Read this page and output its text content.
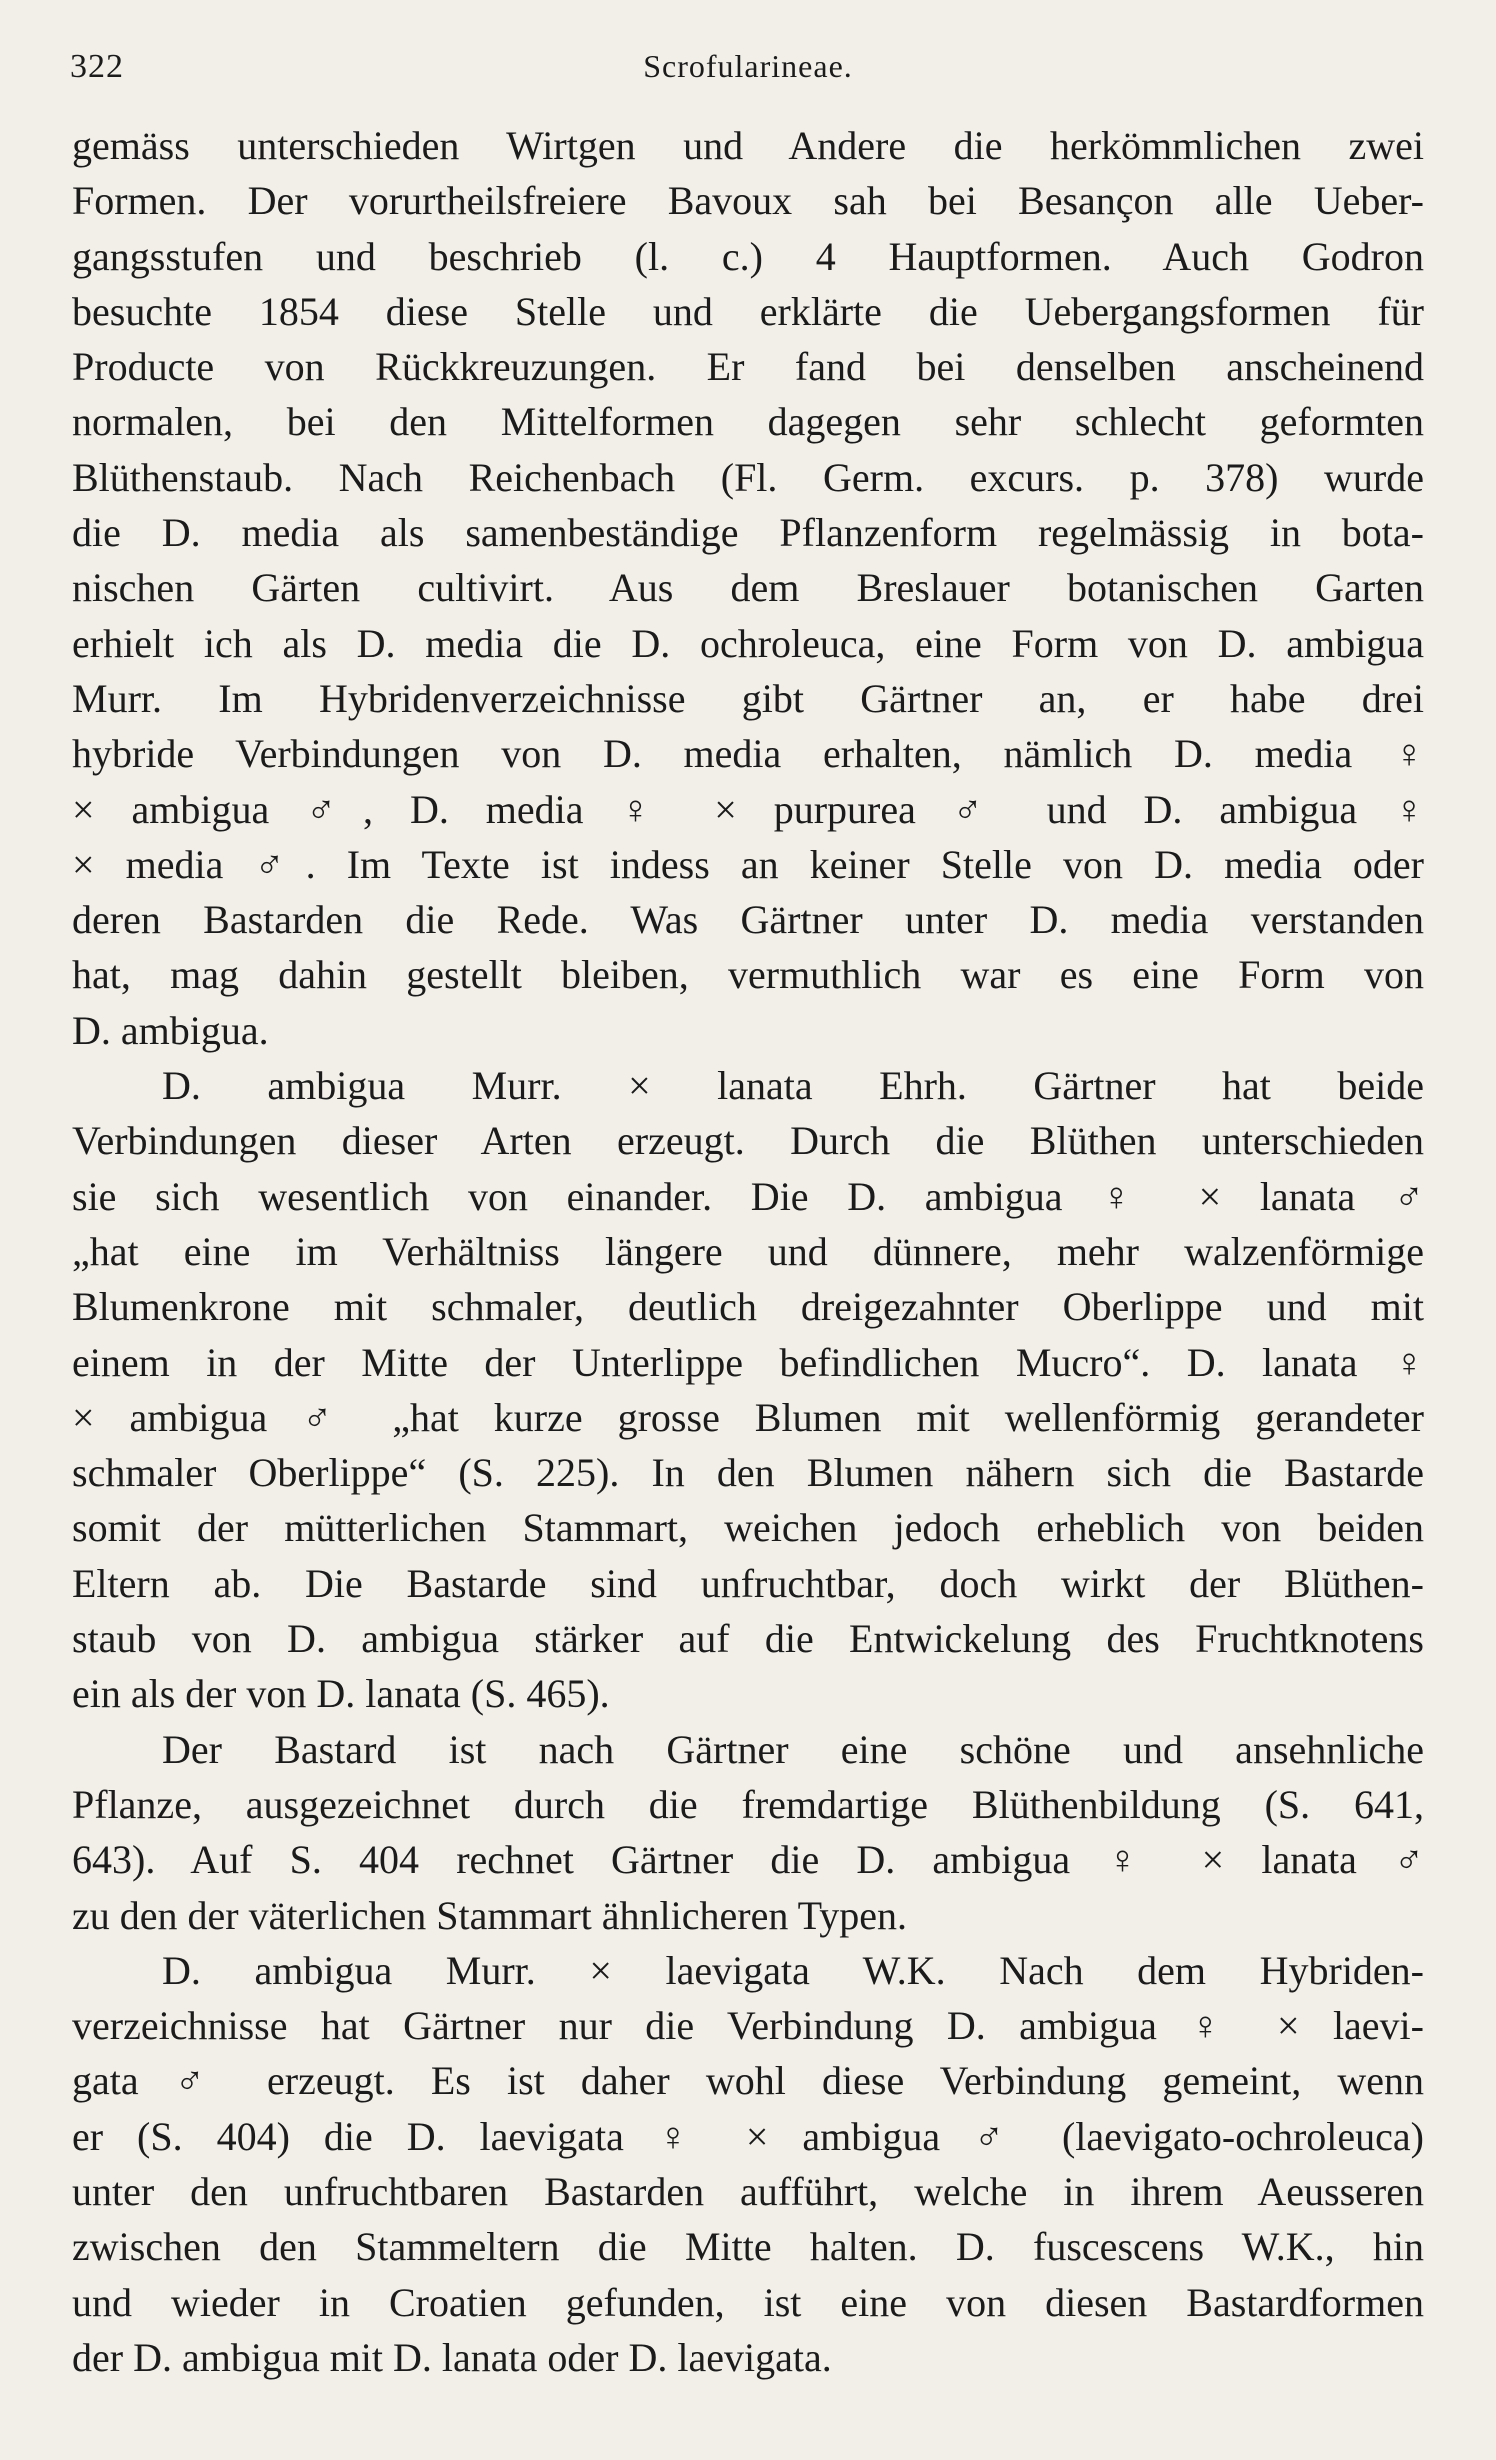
322	Scrofularineae.
gemäss unterschieden Wirtgen und Andere die herkömmlichen zwei
Formen. Der vorurtheilsfreiere Bavoux sah bei Besançon alle Ueber-
gangsstufen und beschrieb (l. c.) 4 Hauptformen. Auch Godron
besuchte 1854 diese Stelle und erklärte die Uebergangsformen für
Producte von Rückkreuzungen. Er fand bei denselben anscheinend
normalen, bei den Mittelformen dagegen sehr schlecht geformten
Blüthenstaub. Nach Reichenbach (Fl. Germ. excurs. p. 378) wurde
die D. media als samenbeständige Pflanzenform regelmässig in bota-
nischen Gärten cultivirt. Aus dem Breslauer botanischen Garten
erhielt ich als D. media die D. ochroleuca, eine Form von D. ambigua
Murr. Im Hybridenverzeichnisse gibt Gärtner an, er habe drei
hybride Verbindungen von D. media erhalten, nämlich D. media ♀
× ambigua ♂, D. media ♀ × purpurea ♂ und D. ambigua ♀
× media ♂. Im Texte ist indess an keiner Stelle von D. media oder
deren Bastarden die Rede. Was Gärtner unter D. media verstanden
hat, mag dahin gestellt bleiben, vermuthlich war es eine Form von
D. ambigua.
D. ambigua Murr. × lanata Ehrh. Gärtner hat beide
Verbindungen dieser Arten erzeugt. Durch die Blüthen unterschieden
sie sich wesentlich von einander. Die D. ambigua ♀ × lanata ♂
„hat eine im Verhältniss längere und dünnere, mehr walzenförmige
Blumenkrone mit schmaler, deutlich dreigezahnter Oberlippe und mit
einem in der Mitte der Unterlippe befindlichen Mucro“. D. lanata ♀
× ambigua ♂ „hat kurze grosse Blumen mit wellenförmig gerandeter
schmaler Oberlippe“ (S. 225). In den Blumen nähern sich die Bastarde
somit der mütterlichen Stammart, weichen jedoch erheblich von beiden
Eltern ab. Die Bastarde sind unfruchtbar, doch wirkt der Blüthen-
staub von D. ambigua stärker auf die Entwickelung des Fruchtknotens
ein als der von D. lanata (S. 465).
Der Bastard ist nach Gärtner eine schöne und ansehnliche
Pflanze, ausgezeichnet durch die fremdartige Blüthenbildung (S. 641,
643). Auf S. 404 rechnet Gärtner die D. ambigua ♀ × lanata ♂
zu den der väterlichen Stammart ähnlicheren Typen.
D. ambigua Murr. × laevigata W.K. Nach dem Hybriden-
verzeichnisse hat Gärtner nur die Verbindung D. ambigua ♀ × laevi-
gata ♂ erzeugt. Es ist daher wohl diese Verbindung gemeint, wenn
er (S. 404) die D. laevigata ♀ × ambigua ♂ (laevigato-ochroleuca)
unter den unfruchtbaren Bastarden aufführt, welche in ihrem Aeusseren
zwischen den Stammeltern die Mitte halten. D. fuscescens W.K., hin
und wieder in Croatien gefunden, ist eine von diesen Bastardformen
der D. ambigua mit D. lanata oder D. laevigata.
